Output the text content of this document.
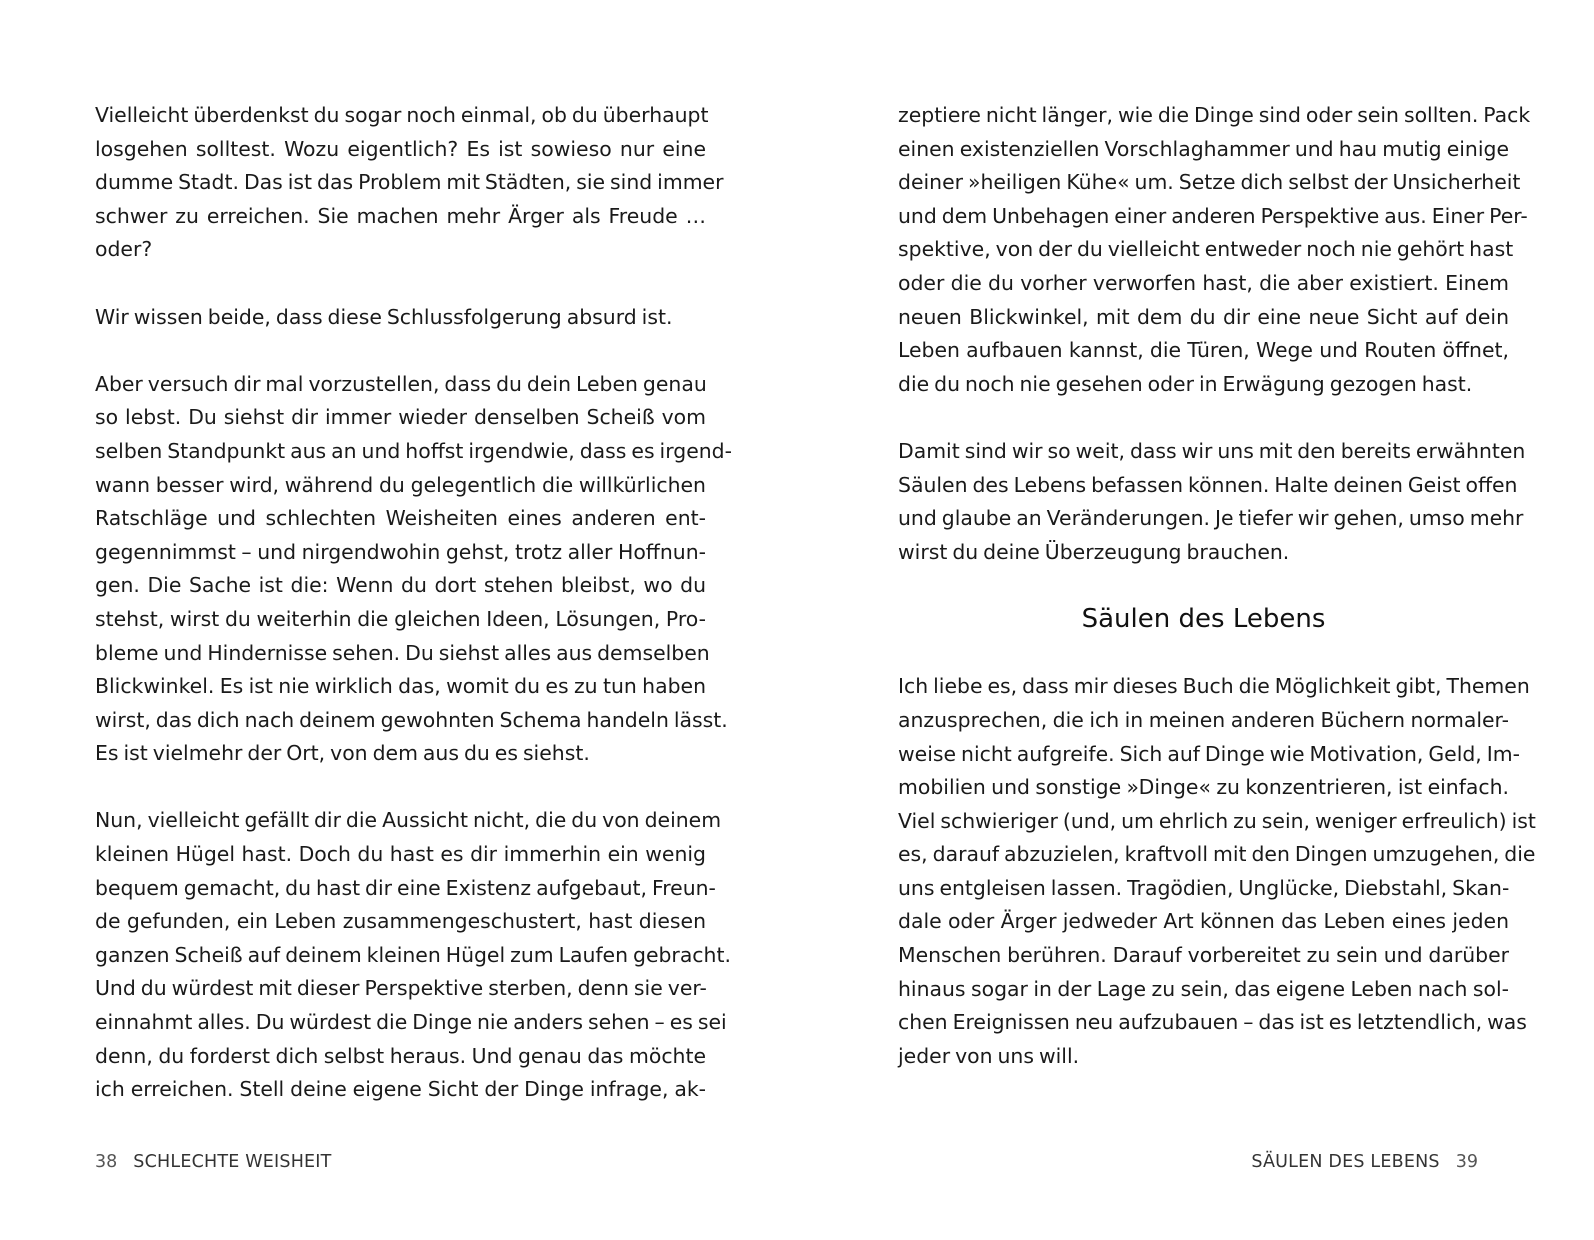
Vielleicht überdenkst du sogar noch einmal, ob du überhaupt
losgehen solltest. Wozu eigentlich? Es ist sowieso nur eine
dumme Stadt. Das ist das Problem mit Städten, sie sind immer
schwer zu erreichen. Sie machen mehr Ärger als Freude …
oder?
Wir wissen beide, dass diese Schlussfolgerung absurd ist.
Aber versuch dir mal vorzustellen, dass du dein Leben genau
so lebst. Du siehst dir immer wieder denselben Scheiß vom
selben Standpunkt aus an und hoffst irgendwie, dass es irgend-
wann besser wird, während du gelegentlich die willkürlichen
Ratschläge und schlechten Weisheiten eines anderen ent-
gegennimmst – und nirgendwohin gehst, trotz aller Hoffnun-
gen. Die Sache ist die: Wenn du dort stehen bleibst, wo du
stehst, wirst du weiterhin die gleichen Ideen, Lösungen, Pro-
bleme und Hindernisse sehen. Du siehst alles aus demselben
Blickwinkel. Es ist nie wirklich das, womit du es zu tun haben
wirst, das dich nach deinem gewohnten Schema handeln lässt.
Es ist vielmehr der Ort, von dem aus du es siehst.
Nun, vielleicht gefällt dir die Aussicht nicht, die du von deinem
kleinen Hügel hast. Doch du hast es dir immerhin ein wenig
bequem gemacht, du hast dir eine Existenz aufgebaut, Freun-
de gefunden, ein Leben zusammengeschustert, hast diesen
ganzen Scheiß auf deinem kleinen Hügel zum Laufen gebracht.
Und du würdest mit dieser Perspektive sterben, denn sie ver-
einnahmt alles. Du würdest die Dinge nie anders sehen – es sei
denn, du forderst dich selbst heraus. Und genau das möchte
ich erreichen. Stell deine eigene Sicht der Dinge infrage, ak-
38 SCHLECHTE WEISHEIT
zeptiere nicht länger, wie die Dinge sind oder sein sollten. Pack
einen existenziellen Vorschlaghammer und hau mutig einige
deiner »heiligen Kühe« um. Setze dich selbst der Unsicherheit
und dem Unbehagen einer anderen Perspektive aus. Einer Per-
spektive, von der du vielleicht entweder noch nie gehört hast
oder die du vorher verworfen hast, die aber existiert. Einem
neuen Blickwinkel, mit dem du dir eine neue Sicht auf dein
Leben aufbauen kannst, die Türen, Wege und Routen öffnet,
die du noch nie gesehen oder in Erwägung gezogen hast.
Damit sind wir so weit, dass wir uns mit den bereits erwähnten
Säulen des Lebens befassen können. Halte deinen Geist offen
und glaube an Veränderungen. Je tiefer wir gehen, umso mehr
wirst du deine Überzeugung brauchen.
Säulen des Lebens
Ich liebe es, dass mir dieses Buch die Möglichkeit gibt, Themen
anzusprechen, die ich in meinen anderen Büchern normaler-
weise nicht aufgreife. Sich auf Dinge wie Motivation, Geld, Im-
mobilien und sonstige »Dinge« zu konzentrieren, ist einfach.
Viel schwieriger (und, um ehrlich zu sein, weniger erfreulich) ist
es, darauf abzuzielen, kraftvoll mit den Dingen umzugehen, die
uns entgleisen lassen. Tragödien, Unglücke, Diebstahl, Skan-
dale oder Ärger jedweder Art können das Leben eines jeden
Menschen berühren. Darauf vorbereitet zu sein und darüber
hinaus sogar in der Lage zu sein, das eigene Leben nach sol-
chen Ereignissen neu aufzubauen – das ist es letztendlich, was
jeder von uns will.
SÄULEN DES LEBENS 39
